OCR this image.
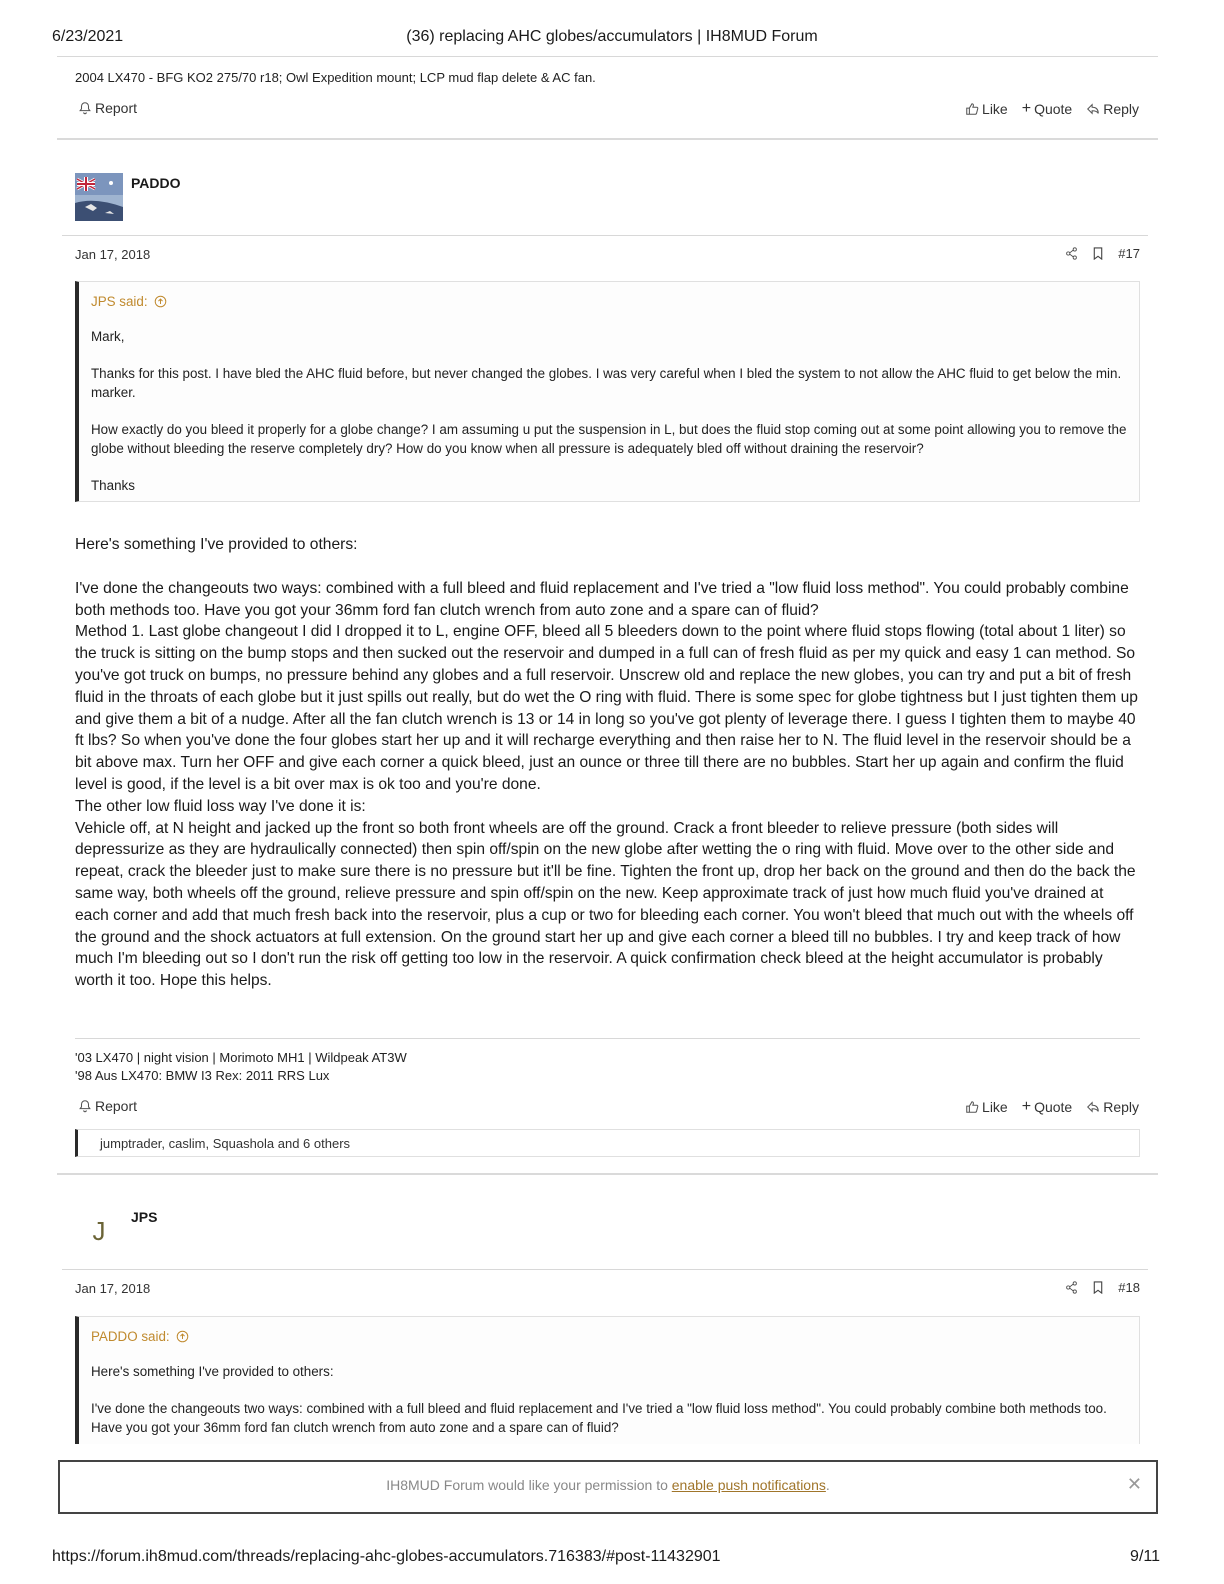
6/23/2021	(36) replacing AHC globes/accumulators | IH8MUD Forum
2004 LX470 - BFG KO2 275/70 r18; Owl Expedition mount; LCP mud flap delete & AC fan.
Report	Like + Quote Reply
PADDO
Jan 17, 2018	#17
JPS said:

Mark,

Thanks for this post. I have bled the AHC fluid before, but never changed the globes. I was very careful when I bled the system to not allow the AHC fluid to get below the min. marker.

How exactly do you bleed it properly for a globe change? I am assuming u put the suspension in L, but does the fluid stop coming out at some point allowing you to remove the globe without bleeding the reserve completely dry? How do you know when all pressure is adequately bled off without draining the reservoir?

Thanks

Here's something I've provided to others:

I've done the changeouts two ways: combined with a full bleed and fluid replacement and I've tried a "low fluid loss method". You could probably combine both methods too. Have you got your 36mm ford fan clutch wrench from auto zone and a spare can of fluid?

Method 1. Last globe changeout I did I dropped it to L, engine OFF, bleed all 5 bleeders down to the point where fluid stops flowing (total about 1 liter) so the truck is sitting on the bump stops and then sucked out the reservoir and dumped in a full can of fresh fluid as per my quick and easy 1 can method. So you've got truck on bumps, no pressure behind any globes and a full reservoir. Unscrew old and replace the new globes, you can try and put a bit of fresh fluid in the throats of each globe but it just spills out really, but do wet the O ring with fluid. There is some spec for globe tightness but I just tighten them up and give them a bit of a nudge. After all the fan clutch wrench is 13 or 14 in long so you've got plenty of leverage there. I guess I tighten them to maybe 40 ft lbs? So when you've done the four globes start her up and it will recharge everything and then raise her to N. The fluid level in the reservoir should be a bit above max. Turn her OFF and give each corner a quick bleed, just an ounce or three till there are no bubbles. Start her up again and confirm the fluid level is good, if the level is a bit over max is ok too and you're done.

The other low fluid loss way I've done it is:

Vehicle off, at N height and jacked up the front so both front wheels are off the ground. Crack a front bleeder to relieve pressure (both sides will depressurize as they are hydraulically connected) then spin off/spin on the new globe after wetting the o ring with fluid. Move over to the other side and repeat, crack the bleeder just to make sure there is no pressure but it'll be fine. Tighten the front up, drop her back on the ground and then do the back the same way, both wheels off the ground, relieve pressure and spin off/spin on the new. Keep approximate track of just how much fluid you've drained at each corner and add that much fresh back into the reservoir, plus a cup or two for bleeding each corner. You won't bleed that much out with the wheels off the ground and the shock actuators at full extension. On the ground start her up and give each corner a bleed till no bubbles. I try and keep track of how much I'm bleeding out so I don't run the risk off getting too low in the reservoir. A quick confirmation check bleed at the height accumulator is probably worth it too. Hope this helps.

'03 LX470 | night vision | Morimoto MH1 | Wildpeak AT3W
'98 Aus LX470: BMW I3 Rex: 2011 RRS Lux
Report	Like + Quote Reply
jumptrader, caslim, Squashola and 6 others
J JPS
Jan 17, 2018	#18
PADDO said:

Here's something I've provided to others:

I've done the changeouts two ways: combined with a full bleed and fluid replacement and I've tried a "low fluid loss method". You could probably combine both methods too. Have you got your 36mm ford fan clutch wrench from auto zone and a spare can of fluid?

IH8MUD Forum would like your permission to enable push notifications.	✕
https://forum.ih8mud.com/threads/replacing-ahc-globes-accumulators.716383/#post-11432901	9/11
